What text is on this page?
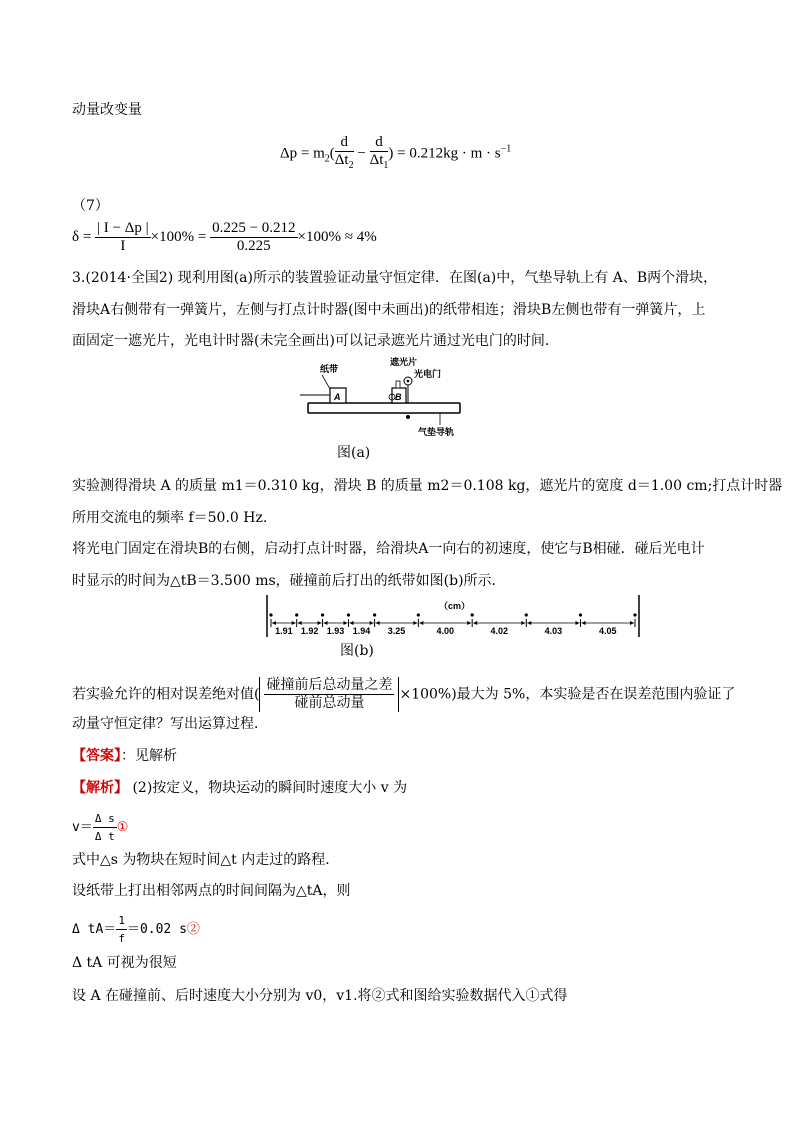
动量改变量
$\Delta p = m_2( \frac{d}{\Delta t_2} - \frac{d}{\Delta t_1}$ ) = $0.212kg \cdot m \cdot s^{-1}$
（7）
$\delta = \frac{| I - \Delta p |}{I} \times 100\% = \frac{0.225 - 0.212}{0.225} \times 100\% \approx 4\%$
3.(2014·全国2) 现利用图(a)所示的装置验证动量守恒定律．在图(a)中，气垫导轨上有 A、B两个滑块，
滑块A右侧带有一弹簧片，左侧与打点计时器(图中未画出)的纸带相连；滑块B左侧也带有一弹簧片，上
面固定一遮光片，光电计时器(未完全画出)可以记录遮光片通过光电门的时间．
纸带
A	B
遮光片
光电门
气垫导轨
图(a)
实验测得滑块 A 的质量 m1＝0.310 kg，滑块 B 的质量 m2＝0.108 kg，遮光片的宽度 d＝1.00 cm;打点计时器
所用交流电的频率 f＝50.0 Hz.
将光电门固定在滑块B的右侧，启动打点计时器，给滑块A一向右的初速度，使它与B相碰．碰后光电计
时显示的时间为△tB＝3.500 ms，碰撞前后打出的纸带如图(b)所示．
（cm）
1.91 1.92 1.93 1.94 3.25	4.00	4.02	4.03	4.05
图(b)
若实验允许的相对误差绝对值( $\frac{\text{碰撞前后总动量之差}}{\text{碰前总动量}} \times 100\%$)最大为 5%，本实验是否在误差范围内验证了
动量守恒定律？写出运算过程．
【答案】：见解析
【解析】 (2)按定义，物块运动的瞬间时速度大小 v 为
$v= \frac{\text{Δ s}}{\text{Δ t}}$ ①
式中△s 为物块在短时间△t 内走过的路程．
设纸带上打出相邻两点的时间间隔为△tA，则
Δ $tA= \frac{1}{f} =0.02$ s②
Δ tA 可视为很短
设 A 在碰撞前、后时速度大小分别为 v0，v1.将②式和图给实验数据代入①式得
